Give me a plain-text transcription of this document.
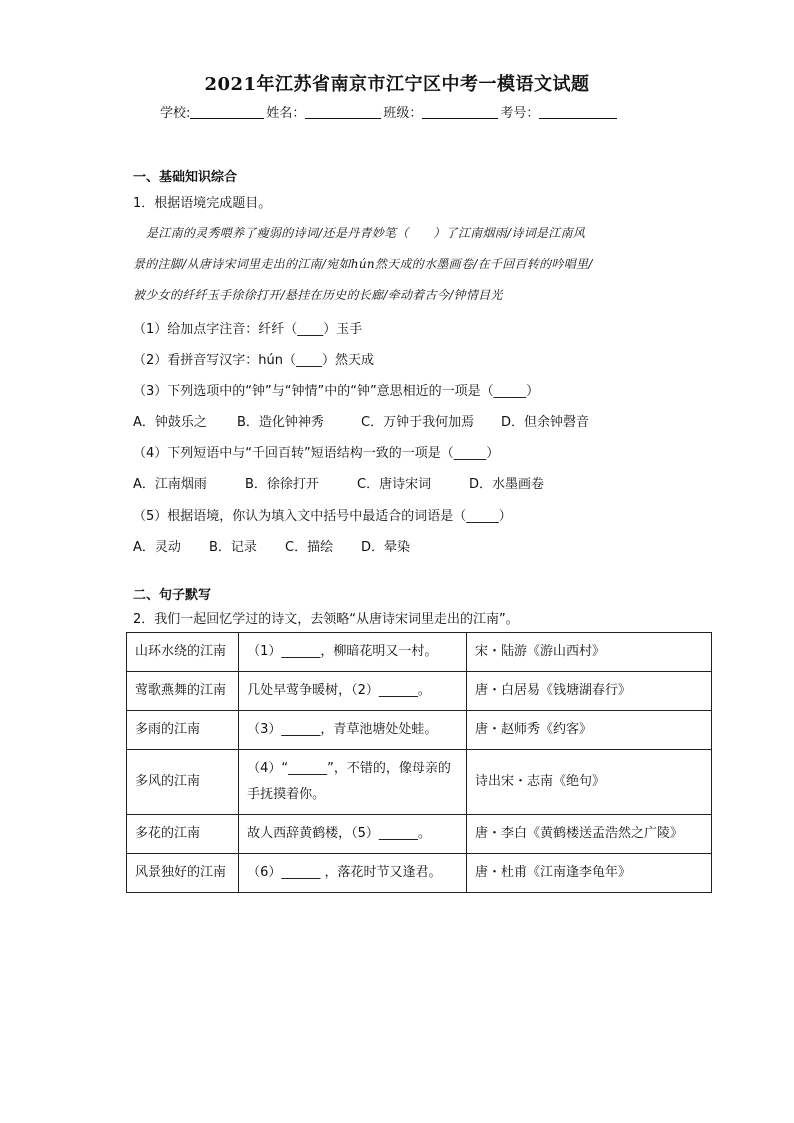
2021年江苏省南京市江宁区中考一模语文试题
学校:	姓名：	班级：	考号：
一、基础知识综合
1．根据语境完成题目。
是江南的灵秀喂养了瘦弱的诗词/还是丹青妙笔（　　）了江南烟雨/诗词是江南风
景的注脚/从唐诗宋词里走出的江南/宛如hún然天成的水墨画卷/在千回百转的吟唱里/
被少女的纤纤玉手徐徐打开/悬挂在历史的长廊/牵动着古今/钟情目光
（1）给加点字注音：纤纤（____）玉手
（2）看拼音写汉字：hún（____）然天成
（3）下列选项中的“钟”与“钟情”中的“钟”意思相近的一项是（_____）
A．钟鼓乐之 B．造化钟神秀	C．万钟于我何加焉 D．但余钟磬音
（4）下列短语中与“千回百转”短语结构一致的一项是（_____）
A．江南烟雨	B．徐徐打开	C．唐诗宋词	D．水墨画卷
（5）根据语境，你认为填入文中括号中最适合的词语是（_____）
A．灵动 B．记录 C．描绘 D．晕染
二、句子默写
2．我们一起回忆学过的诗文，去领略“从唐诗宋词里走出的江南”。
山环水绕的江南	（1）______，柳暗花明又一村。	宋・陆游《游山西村》
莺歌燕舞的江南	几处早莺争暖树，（2）______。	唐・白居易《钱塘湖春行》
多雨的江南	（3）______，青草池塘处处蛙。	唐・赵师秀《约客》
多风的江南	（4）“______”，不错的，像母亲的手抚摸着你。	诗出宋・志南《绝句》
多花的江南	故人西辞黄鹤楼，（5）______。	唐・李白《黄鹤楼送孟浩然之广陵》
风景独好的江南	（6）______ ，落花时节又逢君。	唐・杜甫《江南逢李龟年》
